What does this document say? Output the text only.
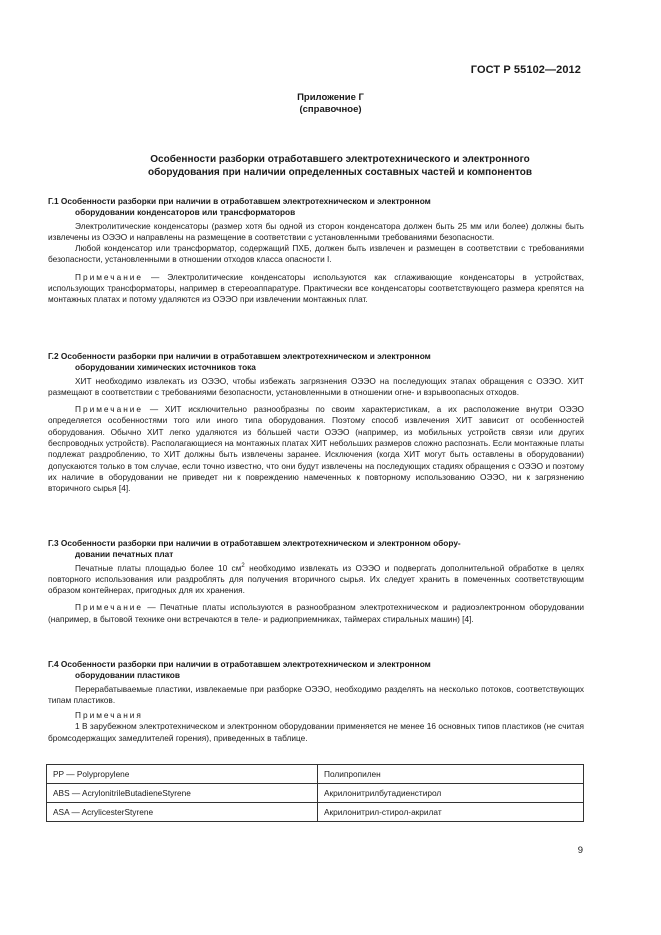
ГОСТ Р 55102—2012
Приложение Г
(справочное)
Особенности разборки отработавшего электротехнического и электронного
оборудования при наличии определенных составных частей и компонентов

Г.1 Особенности разборки при наличии в отработавшем электротехническом и электронном
оборудовании конденсаторов или трансформаторов

Электролитические конденсаторы (размер хотя бы одной из сторон конденсатора должен быть 25 мм или более) должны быть извлечены из ОЭЭО и направлены на размещение в соответствии с установленными требованиями безопасности.

Любой конденсатор или трансформатор, содержащий ПХБ, должен быть извлечен и размещен в соответствии с требованиями безопасности, установленными в отношении отходов класса опасности I.

Примечание — Электролитические конденсаторы используются как сглаживающие конденсаторы в устройствах, использующих трансформаторы, например в стереоаппаратуре. Практически все конденсаторы соответствующего размера крепятся на монтажных платах и потому удаляются из ОЭЭО при извлечении монтажных плат.

Г.2 Особенности разборки при наличии в отработавшем электротехническом и электронном
оборудовании химических источников тока

ХИТ необходимо извлекать из ОЭЭО, чтобы избежать загрязнения ОЭЭО на последующих этапах обращения с ОЭЭО. ХИТ размещают в соответствии с требованиями безопасности, установленными в отношении огне- и взрывоопасных отходов.

Примечание — ХИТ исключительно разнообразны по своим характеристикам, а их расположение внутри ОЭЭО определяется особенностями того или иного типа оборудования. Поэтому способ извлечения ХИТ зависит от особенностей оборудования. Обычно ХИТ легко удаляются из бóльшей части ОЭЭО (например, из мобильных устройств связи или других беспроводных устройств). Располагающиеся на монтажных платах ХИТ небольших размеров сложно распознать. Если монтажные платы подлежат раздроблению, то ХИТ должны быть извлечены заранее. Исключения (когда ХИТ могут быть оставлены в оборудовании) допускаются только в том случае, если точно известно, что они будут извлечены на последующих стадиях обращения с ОЭЭО и поэтому их наличие в оборудовании не приведет ни к повреждению намеченных к повторному использованию ОЭЭО, ни к загрязнению вторичного сырья [4].

Г.3 Особенности разборки при наличии в отработавшем электротехническом и электронном обору-
довании печатных плат

Печатные платы площадью более 10 $см^2$ необходимо извлекать из ОЭЭО и подвергать дополнительной обработке в целях повторного использования или раздроблять для получения вторичного сырья. Их следует хранить в помеченных соответствующим образом контейнерах, пригодных для их хранения.

Примечание — Печатные платы используются в разнообразном электротехническом и радиоэлектронном оборудовании (например, в бытовой технике они встречаются в теле- и радиоприемниках, таймерах стиральных машин) [4].

Г.4 Особенности разборки при наличии в отработавшем электротехническом и электронном
оборудовании пластиков

Перерабатываемые пластики, извлекаемые при разборке ОЭЭО, необходимо разделять на несколько потоков, соответствующих типам пластиков.

Примечания

1 В зарубежном электротехническом и электронном оборудовании применяется не менее 16 основных типов пластиков (не считая бромсодержащих замедлителей горения), приведенных в таблице.

PP — Polypropylene	Полипропилен
ABS — AcrylonitrileButadieneStyrene	Акрилонитрилбутадиенстирол
ASA — AcrylicesterStyrene	Акрилонитрил-стирол-акрилат
9
